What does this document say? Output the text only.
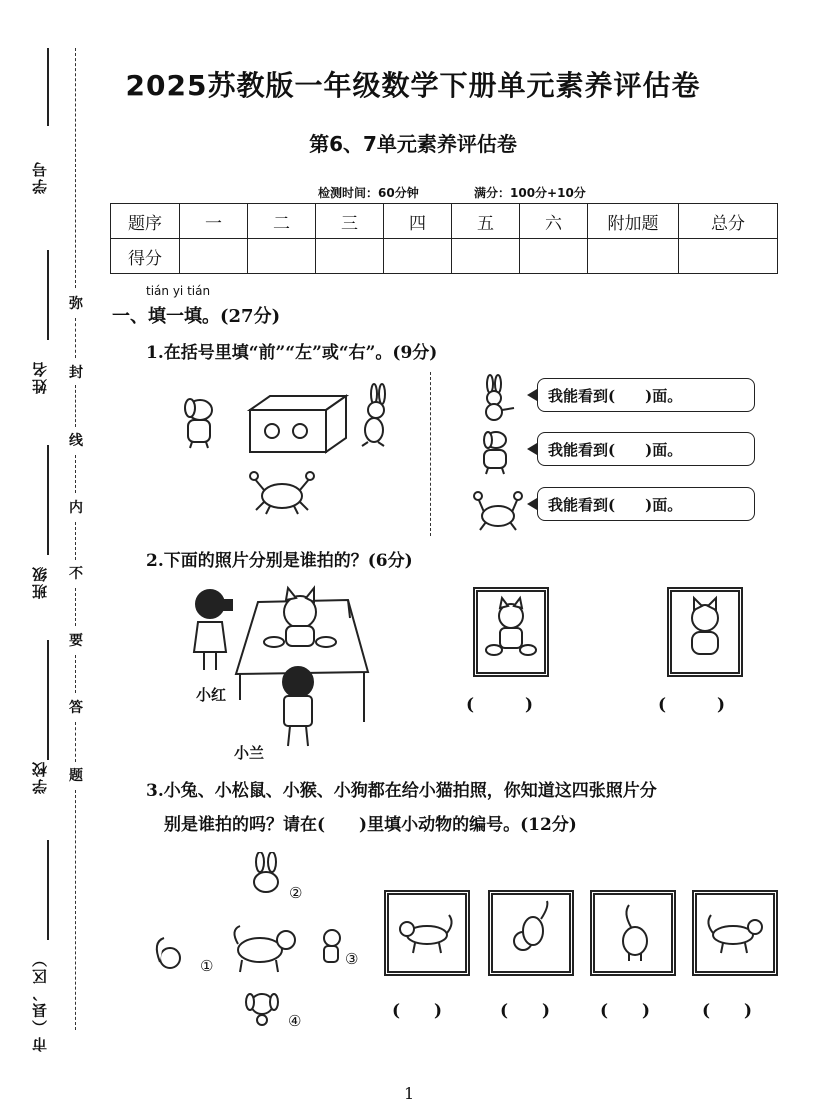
学号
姓名
班级
学校
市（县、区）
弥
封
线
内
不
要
答
题
2025苏教版一年级数学下册单元素养评估卷
第6、7单元素养评估卷
检测时间：60分钟	满分：100分+10分
题序	一	二	三	四	五	六	附加题	总分
得分								
tián yi tián
一、填一填。(27分)
1.在括号里填“前”“左”或“右”。(9分)
我能看到(　　)面。
我能看到(　　)面。
我能看到(　　)面。
2.下面的照片分别是谁拍的？(6分)
小红
小兰
(　　　)	(　　　)
3.小兔、小松鼠、小猴、小狗都在给小猫拍照，你知道这四张照片分
别是谁拍的吗？请在(　　)里填小动物的编号。(12分)
①
②
③
④	(　　)	(　　)	(　　)	(　　)
1
